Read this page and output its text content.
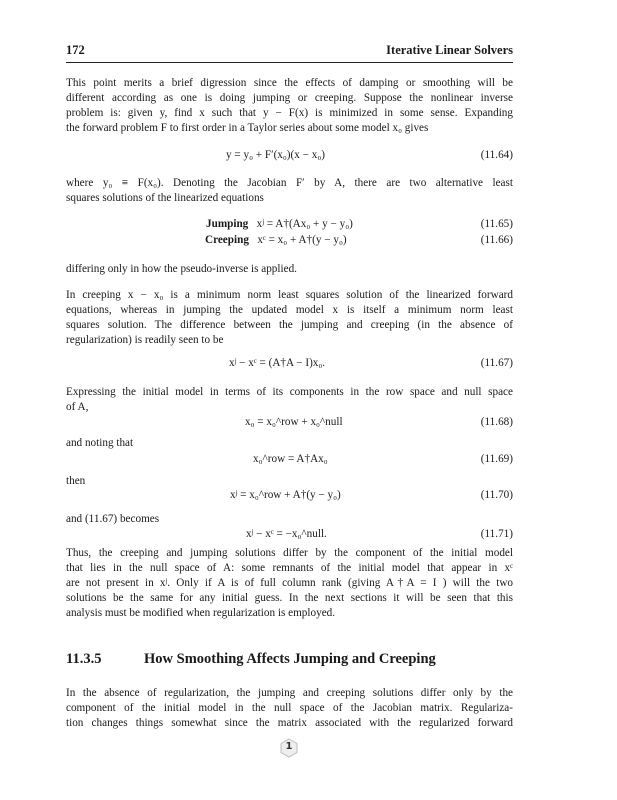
172	Iterative Linear Solvers

This point merits a brief digression since the effects of damping or smoothing will be
different according as one is doing jumping or creeping. Suppose the nonlinear inverse
problem is: given y, find x such that y − F(x) is minimized in some sense. Expanding
the forward problem F to first order in a Taylor series about some model x₀ gives

y = y₀ + F′(x₀)(x − x₀)	(11.64)

where y₀ ≡ F(x₀). Denoting the Jacobian F′ by A, there are two alternative least
squares solutions of the linearized equations

Jumping xʲ = A†(Ax₀ + y − y₀)	(11.65)
Creeping xᶜ = x₀ + A†(y − y₀)	(11.66)

differing only in how the pseudo-inverse is applied.

In creeping x − x₀ is a minimum norm least squares solution of the linearized forward
equations, whereas in jumping the updated model x is itself a minimum norm least
squares solution. The difference between the jumping and creeping (in the absence of
regularization) is readily seen to be

xʲ − xᶜ = (A†A − I)x₀.	(11.67)

Expressing the initial model in terms of its components in the row space and null space
of A,

x₀ = x₀^row + x₀^null	(11.68)

and noting that

x₀^row = A†Ax₀	(11.69)

then

xʲ = x₀^row + A†(y − y₀)	(11.70)

and (11.67) becomes

xʲ − xᶜ = −x₀^null.	(11.71)

Thus, the creeping and jumping solutions differ by the component of the initial model
that lies in the null space of A: some remnants of the initial model that appear in xᶜ
are not present in xʲ. Only if A is of full column rank (giving A†A = I ) will the two
solutions be the same for any initial guess. In the next sections it will be seen that this
analysis must be modified when regularization is employed.

11.3.5	How Smoothing Affects Jumping and Creeping

In the absence of regularization, the jumping and creeping solutions differ only by the
component of the initial model in the null space of the Jacobian matrix. Regulariza-
tion changes things somewhat since the matrix associated with the regularized forward

1
